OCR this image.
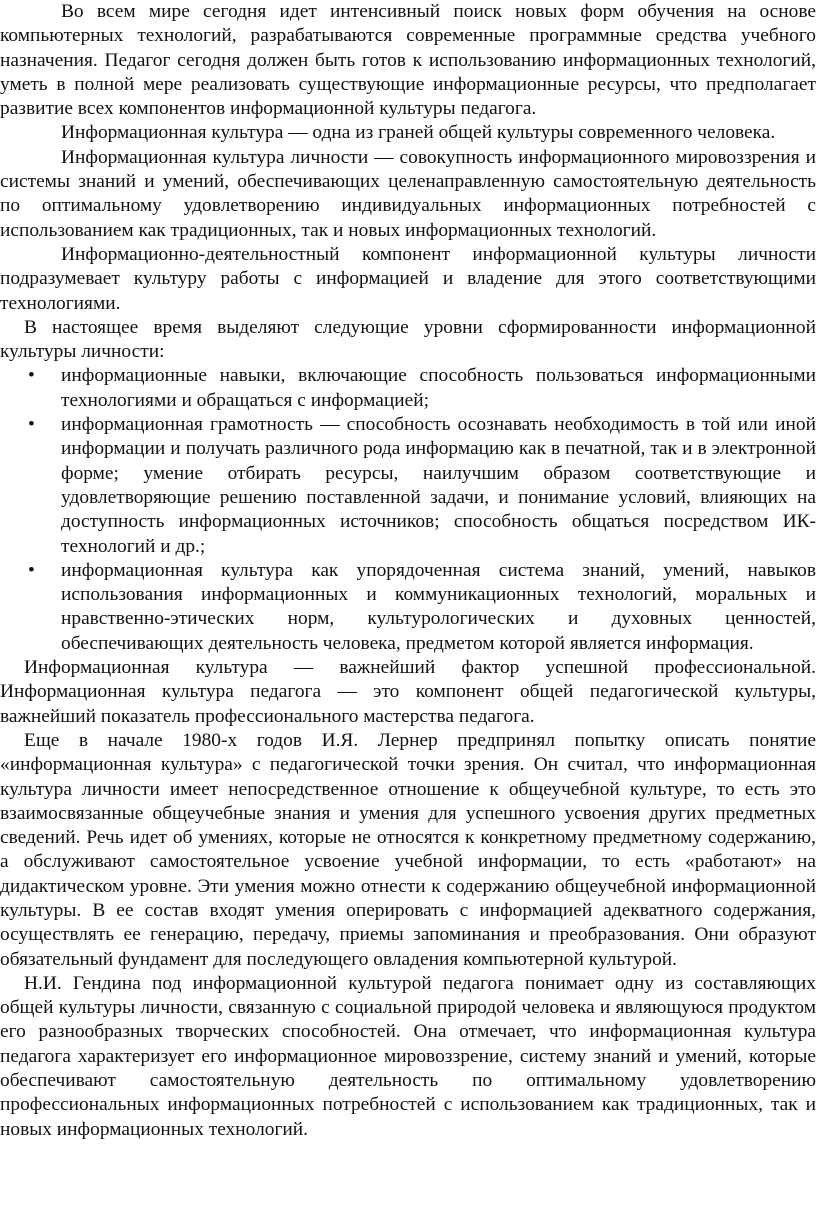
Во всем мире сегодня идет интенсивный поиск новых форм обучения на основе компьютерных технологий, разрабатываются современные программные средства учебного назначения. Педагог сегодня должен быть готов к использованию информационных технологий, уметь в полной мере реализовать существующие информационные ресурсы, что предполагает развитие всех компонентов информационной культуры педагога.

Информационная культура — одна из граней общей культуры современного человека.

Информационная культура личности — совокупность информационного мировоззрения и системы знаний и умений, обеспечивающих целенаправленную самостоятельную деятельность по оптимальному удовлетворению индивидуальных информационных потребностей с использованием как традиционных, так и новых информационных технологий.

Информационно-деятельностный компонент информационной культуры личности подразумевает культуру работы с информацией и владение для этого соответствующими технологиями.

В настоящее время выделяют следующие уровни сформированности информационной культуры личности:

• информационные навыки, включающие способность пользоваться информационными технологиями и обращаться с информацией;
• информационная грамотность — способность осознавать необходимость в той или иной информации и получать различного рода информацию как в печатной, так и в электронной форме; умение отбирать ресурсы, наилучшим образом соответствующие и удовлетворяющие решению поставленной задачи, и понимание условий, влияющих на доступность информационных источников; способность общаться посредством ИК-технологий и др.;
• информационная культура как упорядоченная система знаний, умений, навыков использования информационных и коммуникационных технологий, моральных и нравственно-этических норм, культурологических и духовных ценностей, обеспечивающих деятельность человека, предметом которой является информация.

Информационная культура — важнейший фактор успешной профессиональной. Информационная культура педагога — это компонент общей педагогической культуры, важнейший показатель профессионального мастерства педагога.

Еще в начале 1980-х годов И.Я. Лернер предпринял попытку описать понятие «информационная культура» с педагогической точки зрения. Он считал, что информационная культура личности имеет непосредственное отношение к общеучебной культуре, то есть это взаимосвязанные общеучебные знания и умения для успешного усвоения других предметных сведений. Речь идет об умениях, которые не относятся к конкретному предметному содержанию, а обслуживают самостоятельное усвоение учебной информации, то есть «работают» на дидактическом уровне. Эти умения можно отнести к содержанию общеучебной информационной культуры. В ее состав входят умения оперировать с информацией адекватного содержания, осуществлять ее генерацию, передачу, приемы запоминания и преобразования. Они образуют обязательный фундамент для последующего овладения компьютерной культурой.

Н.И. Гендина под информационной культурой педагога понимает одну из составляющих общей культуры личности, связанную с социальной природой человека и являющуюся продуктом его разнообразных творческих способностей. Она отмечает, что информационная культура педагога характеризует его информационное мировоззрение, систему знаний и умений, которые обеспечивают самостоятельную деятельность по оптимальному удовлетворению профессиональных информационных потребностей с использованием как традиционных, так и новых информационных технологий.
